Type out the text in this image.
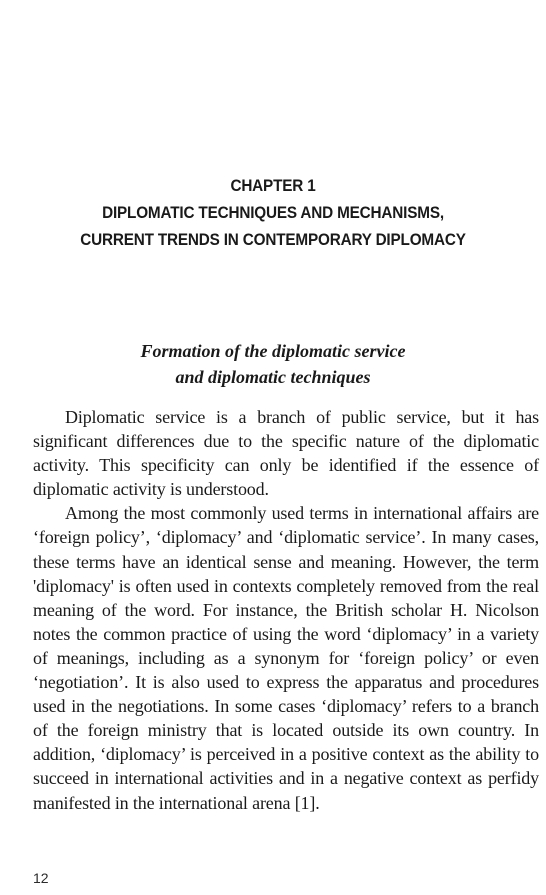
CHAPTER 1
DIPLOMATIC TECHNIQUES AND MECHANISMS,
CURRENT TRENDS IN CONTEMPORARY DIPLOMACY
Formation of the diplomatic service
and diplomatic techniques

Diplomatic service is a branch of public service, but it has significant differences due to the specific nature of the diplomatic activity. This specificity can only be identified if the essence of diplomatic activity is understood.

Among the most commonly used terms in international affairs are ‘foreign policy’, ‘diplomacy’ and ‘diplomatic service’. In many cases, these terms have an identical sense and meaning. However, the term 'diplomacy' is often used in contexts completely removed from the real meaning of the word. For instance, the British scholar H. Nicolson notes the common practice of using the word ‘diplomacy’ in a variety of meanings, including as a synonym for ‘foreign policy’ or even ‘negotiation’. It is also used to express the apparatus and procedures used in the negotiations. In some cases ‘diplomacy’ refers to a branch of the foreign ministry that is located outside its own country. In addition, ‘diplomacy’ is perceived in a positive context as the ability to succeed in international activities and in a negative context as perfidy manifested in the international arena [1].

12
